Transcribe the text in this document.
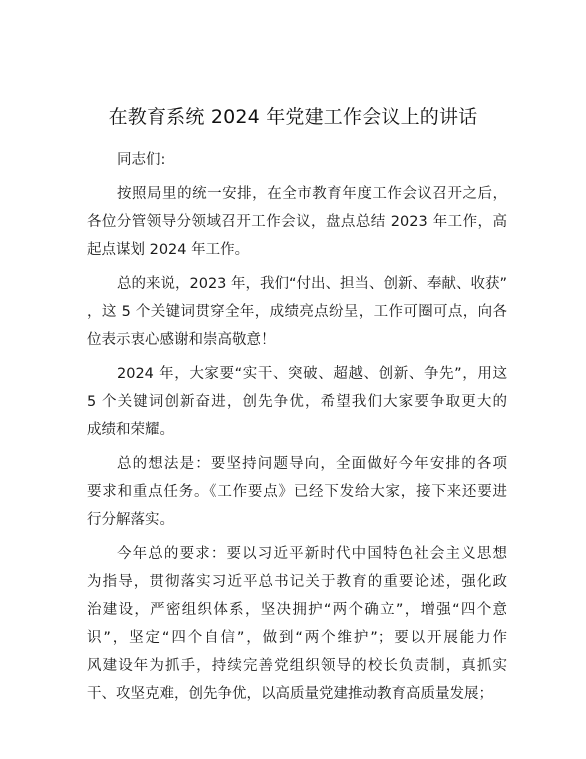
在教育系统 2024 年党建工作会议上的讲话
同志们:
按照局里的统一安排，在全市教育年度工作会议召开之后，
各位分管领导分领域召开工作会议，盘点总结 2023 年工作，高
起点谋划 2024 年工作。
总的来说，2023 年，我们“付出、担当、创新、奉献、收获”
，这 5 个关键词贯穿全年，成绩亮点纷呈，工作可圈可点，向各
位表示衷心感谢和崇高敬意！
2024 年，大家要“实干、突破、超越、创新、争先”，用这
5 个关键词创新奋进，创先争优，希望我们大家要争取更大的
成绩和荣耀。
总的想法是：要坚持问题导向，全面做好今年安排的各项
要求和重点任务。《工作要点》已经下发给大家，接下来还要进
行分解落实。
今年总的要求：要以习近平新时代中国特色社会主义思想
为指导，贯彻落实习近平总书记关于教育的重要论述，强化政
治建设，严密组织体系，坚决拥护“两个确立”，增强“四个意
识”，坚定“四个自信”，做到“两个维护”；要以开展能力作
风建设年为抓手，持续完善党组织领导的校长负责制，真抓实
干、攻坚克难，创先争优，以高质量党建推动教育高质量发展；
